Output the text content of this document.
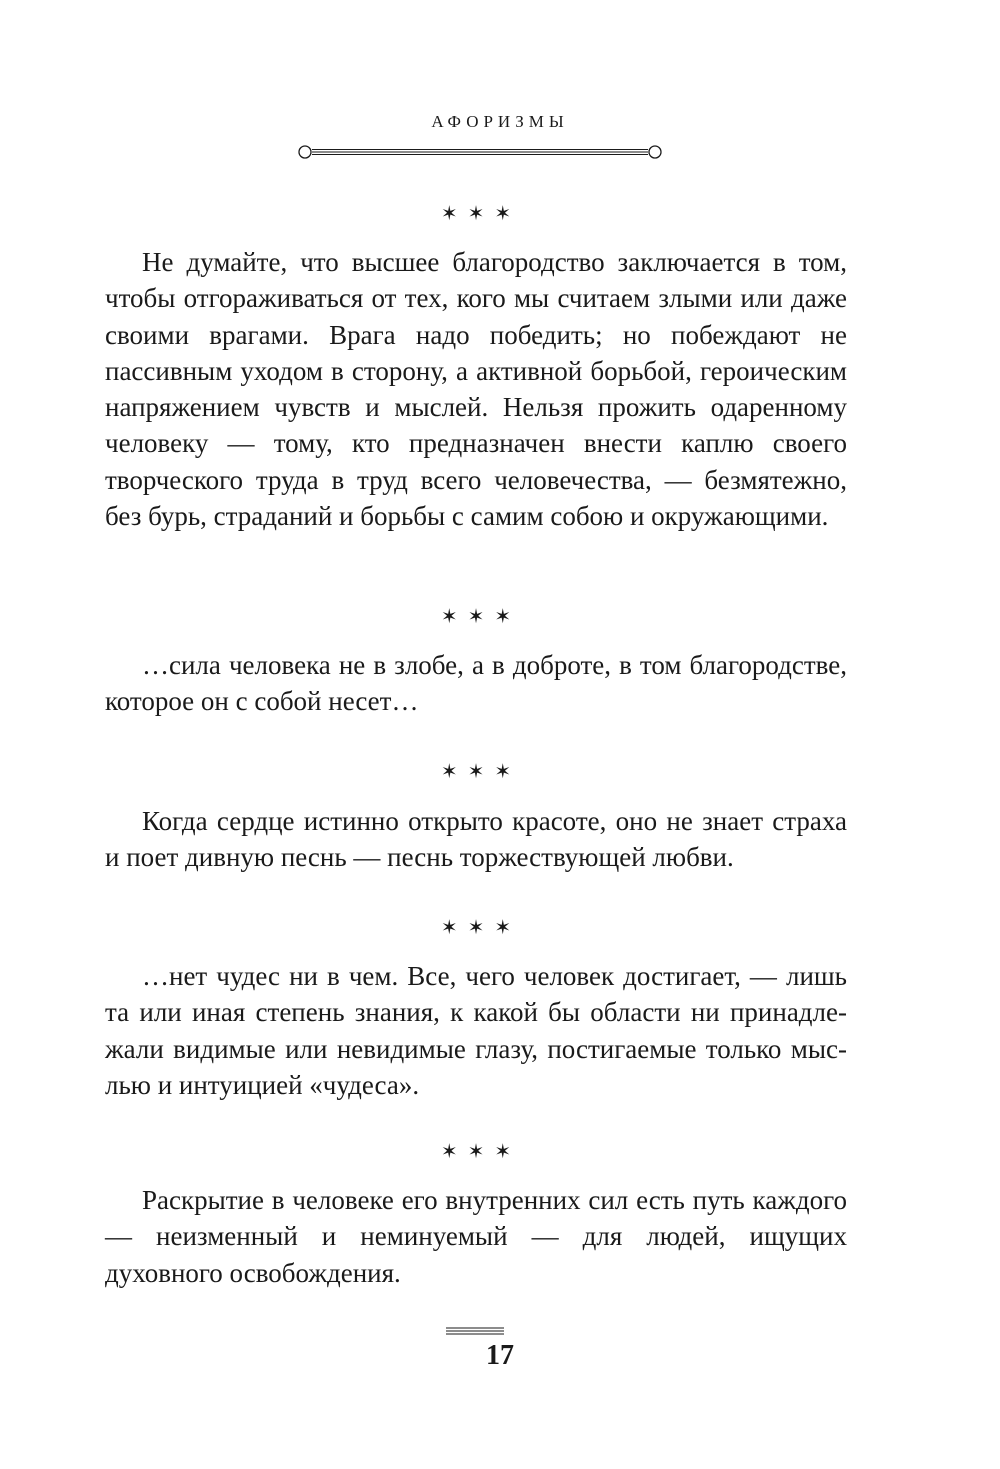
АФОРИЗМЫ
✶✶✶

Не думайте, что высшее благородство заключается в том, чтобы отгораживаться от тех, кого мы считаем злыми или даже своими врагами. Врага надо победить; но побеждают не пассивным уходом в сторону, а активной борьбой, героическим напряжением чувств и мыслей. Нельзя прожить одаренному человеку — тому, кто предназначен внести каплю своего творческого труда в труд всего человечества, — безмятежно, без бурь, страданий и борьбы с самим собою и окружающими.

✶✶✶

…сила человека не в злобе, а в доброте, в том благородстве, которое он с собой несет…

✶✶✶

Когда сердце истинно открыто красоте, оно не знает страха и поет дивную песнь — песнь торжествующей любви.

✶✶✶

…нет чудес ни в чем. Все, чего человек достигает, — лишь та или иная степень знания, к какой бы области ни принадлежали видимые или невидимые глазу, постигаемые только мыслью и интуицией «чудеса».

✶✶✶

Раскрытие в человеке его внутренних сил есть путь каждого — неизменный и неминуемый — для людей, ищущих духовного освобождения.

17
